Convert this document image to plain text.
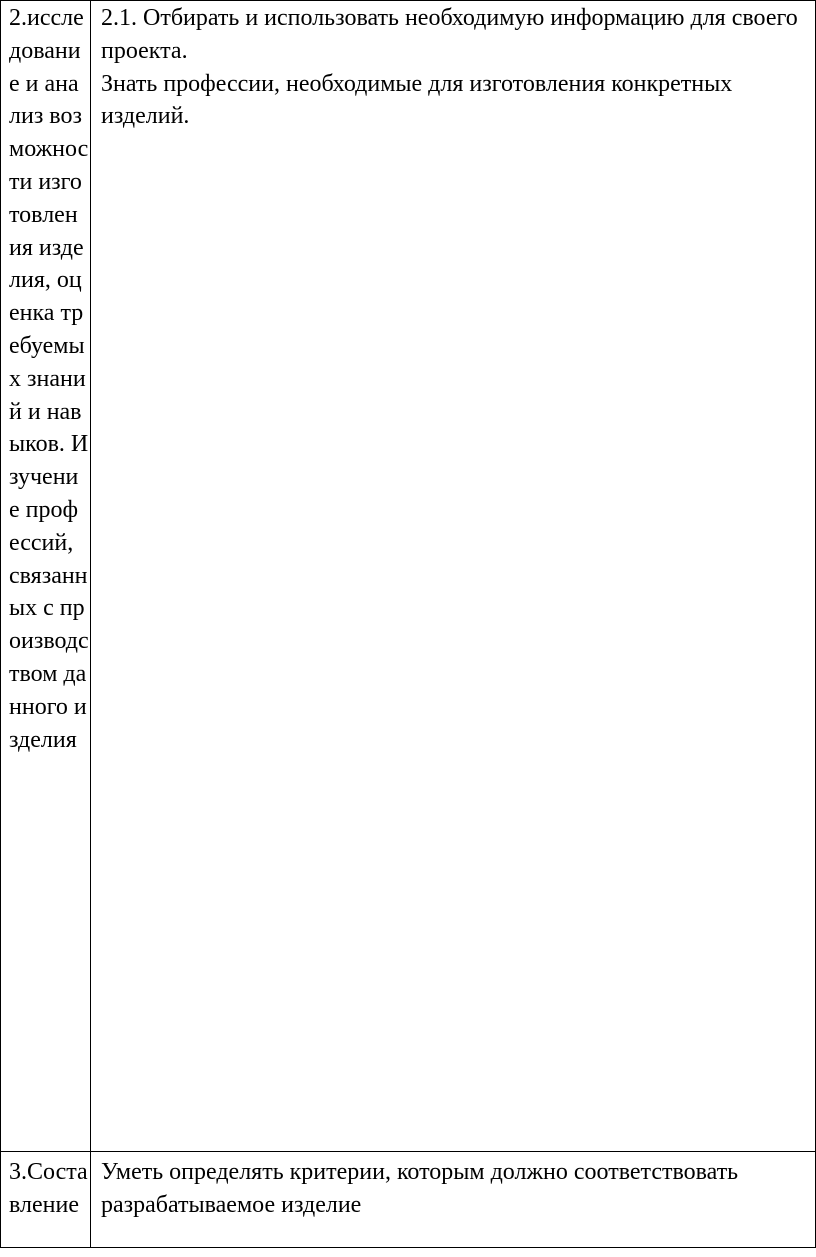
2.исследование и анализ возможности изготовления изделия, оценка требуемых знаний и навыков. Изучение профессий, связанных с производством данного изделия	2.1. Отбирать и использовать необходимую информацию для своего проекта.

Знать профессии, необходимые для изготовления конкретных изделий.

3.Составление	Уметь определять критерии, которым должно соответствовать разрабатываемое изделие
